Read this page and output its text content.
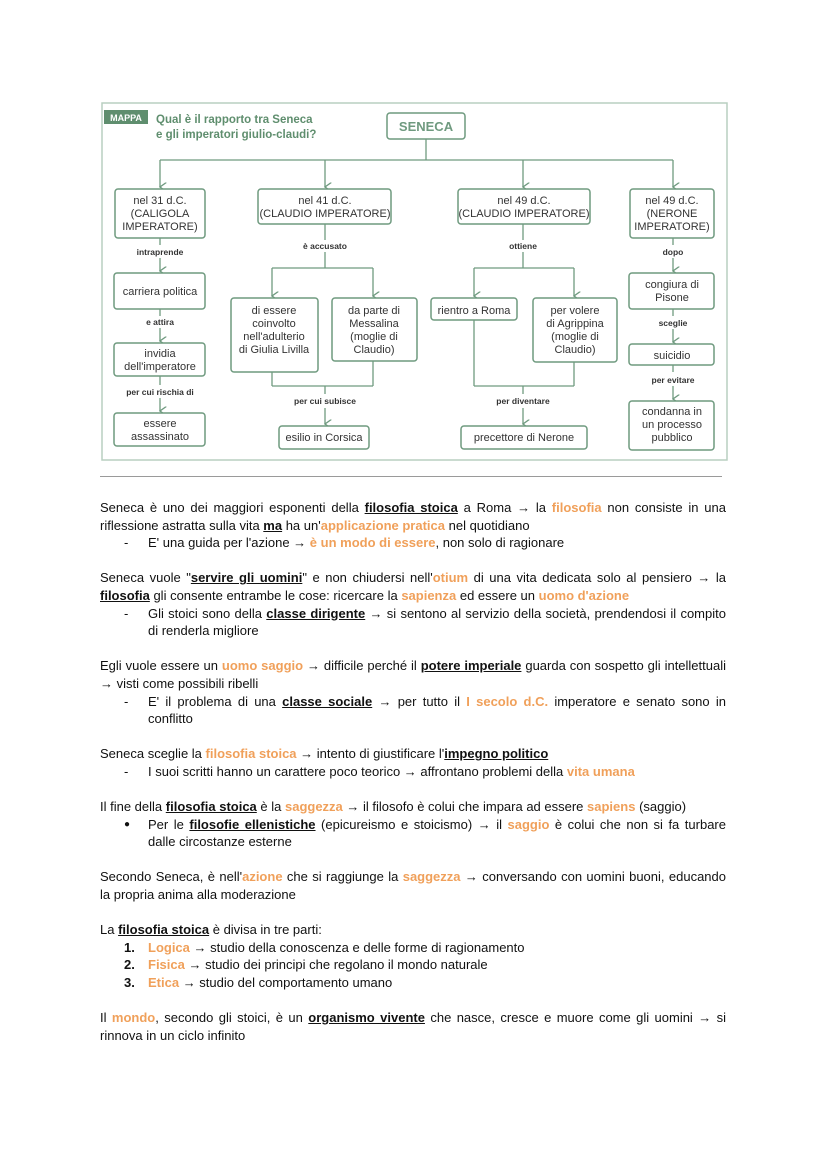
MAPPA Qual è il rapporto tra Seneca
e gli imperatori giulio-claudi?
SENECA
nel 31 d.C.
(CALIGOLA
IMPERATORE)
intraprende
carriera politica
e attira
invidia
dell'imperatore
per cui rischia di
essere
assassinato
nel 41 d.C.
(CLAUDIO IMPERATORE)
è accusato
di essere
coinvolto
nell'adulterio
di Giulia Livilla
da parte di
Messalina
(moglie di
Claudio)
per cui subisce
esilio in Corsica
nel 49 d.C.
(CLAUDIO IMPERATORE)
ottiene
rientro a Roma	per volere
di Agrippina
(moglie di
Claudio)
per diventare
precettore di Nerone
nel 49 d.C.
(NERONE
IMPERATORE)
dopo
congiura di
Pisone
sceglie
suicidio
per evitare
condanna in
un processo
pubblico

Seneca è uno dei maggiori esponenti della filosofia stoica a Roma → la filosofia non consiste in una riflessione astratta sulla vita ma ha un'applicazione pratica nel quotidiano

- E' una guida per l'azione → è un modo di essere, non solo di ragionare

Seneca vuole "servire gli uomini" e non chiudersi nell'otium di una vita dedicata solo al pensiero → la filosofia gli consente entrambe le cose: ricercare la sapienza ed essere un uomo d'azione

- Gli stoici sono della classe dirigente → si sentono al servizio della società, prendendosi il compito di renderla migliore

Egli vuole essere un uomo saggio → difficile perché il potere imperiale guarda con sospetto gli intellettuali → visti come possibili ribelli

- E' il problema di una classe sociale → per tutto il I secolo d.C. imperatore e senato sono in conflitto

Seneca sceglie la filosofia stoica → intento di giustificare l'impegno politico

- I suoi scritti hanno un carattere poco teorico → affrontano problemi della vita umana

Il fine della filosofia stoica è la saggezza → il filosofo è colui che impara ad essere sapiens (saggio)

● Per le filosofie ellenistiche (epicureismo e stoicismo) → il saggio è colui che non si fa turbare dalle circostanze esterne

Secondo Seneca, è nell'azione che si raggiunge la saggezza → conversando con uomini buoni, educando la propria anima alla moderazione

La filosofia stoica è divisa in tre parti:

1. Logica → studio della conoscenza e delle forme di ragionamento
2. Fisica → studio dei principi che regolano il mondo naturale
3. Etica → studio del comportamento umano

Il mondo, secondo gli stoici, è un organismo vivente che nasce, cresce e muore come gli uomini → si rinnova in un ciclo infinito
